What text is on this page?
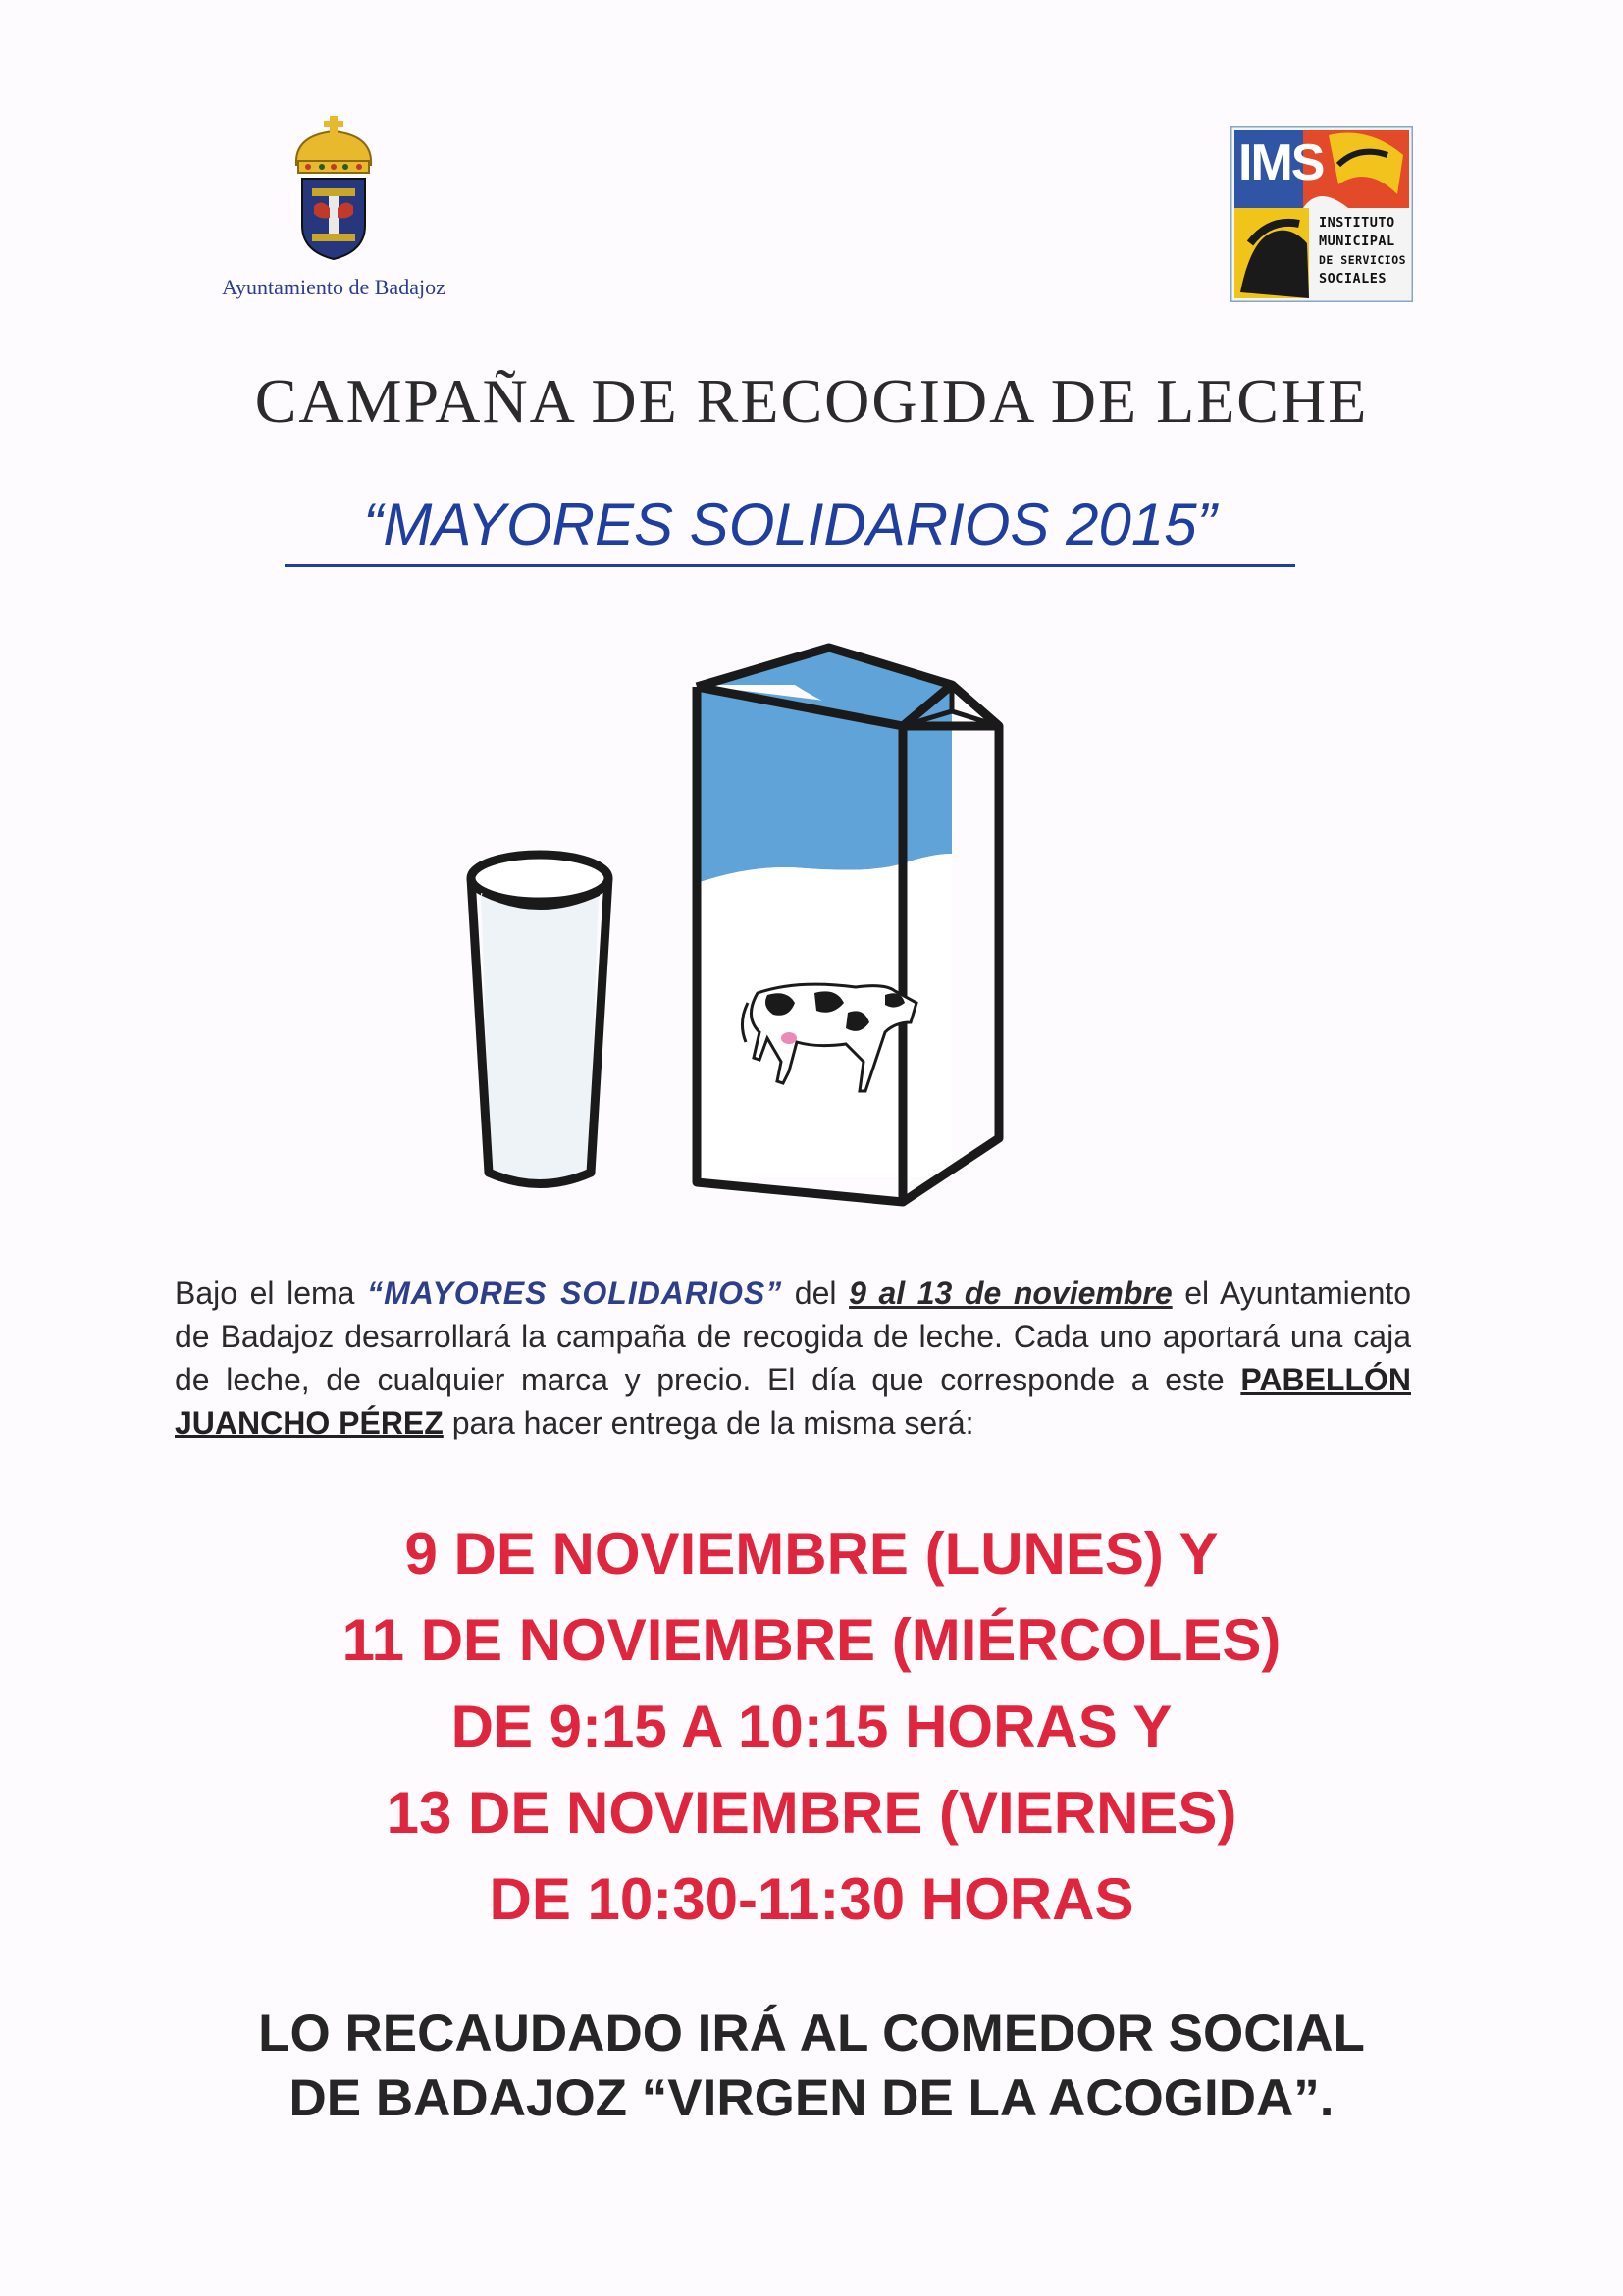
Ayuntamiento de Badajoz
IMS
INSTITUTO
MUNICIPAL
DE SERVICIOS
SOCIALES
CAMPAÑA DE RECOGIDA DE LECHE
“MAYORES SOLIDARIOS 2015”
Bajo el lema “MAYORES SOLIDARIOS” del 9 al 13 de noviembre el Ayuntamiento de Badajoz desarrollará la campaña de recogida de leche. Cada uno aportará una caja de leche, de cualquier marca y precio. El día que corresponde a este PABELLÓN JUANCHO PÉREZ para hacer entrega de la misma será:
9 DE NOVIEMBRE (LUNES) Y
11 DE NOVIEMBRE (MIÉRCOLES)
DE 9:15 A 10:15 HORAS Y
13 DE NOVIEMBRE (VIERNES)
DE 10:30-11:30 HORAS
LO RECAUDADO IRÁ AL COMEDOR SOCIAL
DE BADAJOZ “VIRGEN DE LA ACOGIDA”.
